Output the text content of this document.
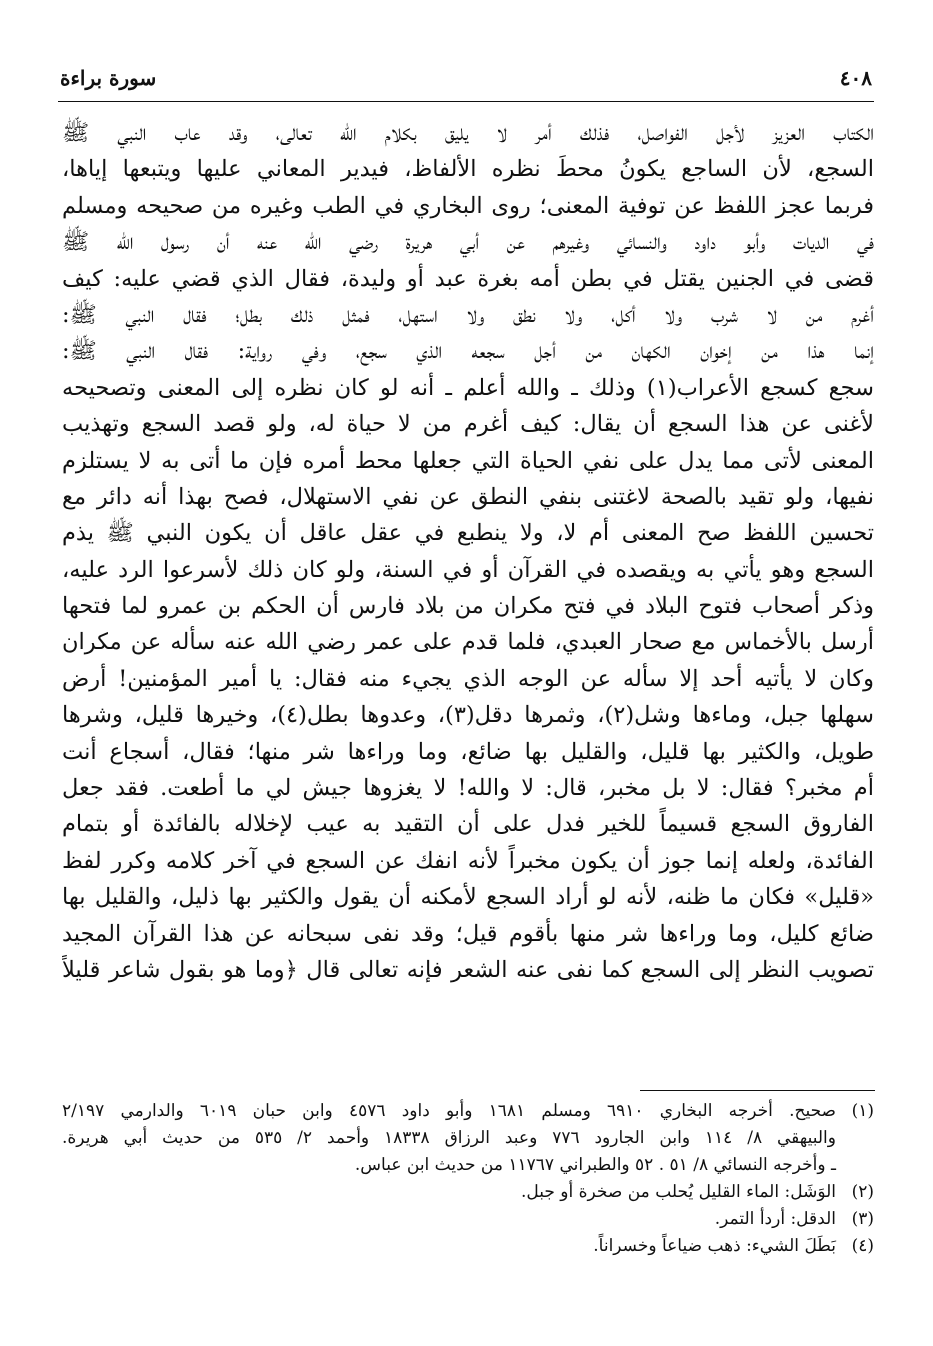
٤٠٨
سورة براءة
الكتاب العزيز لأجل الفواصل، فذلك أمر لا يليق بكلام الله تعالى، وقد عاب النبي ﷺ
السجع، لأن الساجع يكونُ محطَ نظره الألفاظ، فيدير المعاني عليها ويتبعها إياها،
فربما عجز اللفظ عن توفية المعنى؛ روى البخاري في الطب وغيره من صحيحه ومسلم
في الديات وأبو داود والنسائي وغيرهم عن أبي هريرة رضي الله عنه أن رسول الله ﷺ
قضى في الجنين يقتل في بطن أمه بغرة عبد أو وليدة، فقال الذي قضي عليه: كيف
أغرم من لا شرب ولا أكل، ولا نطق ولا استهل، فمثل ذلك بطل؛ فقال النبي ﷺ:
إنما هذا من إخوان الكهان من أجل سجعه الذي سجع، وفي رواية: فقال النبي ﷺ:
سجع كسجع الأعراب(١) وذلك ـ والله أعلم ـ أنه لو كان نظره إلى المعنى وتصحيحه
لأغنى عن هذا السجع أن يقال: كيف أغرم من لا حياة له، ولو قصد السجع وتهذيب
المعنى لأتى مما يدل على نفي الحياة التي جعلها محط أمره فإن ما أتى به لا يستلزم
نفيها، ولو تقيد بالصحة لاغتنى بنفي النطق عن نفي الاستهلال، فصح بهذا أنه دائر مع
تحسين اللفظ صح المعنى أم لا، ولا ينطبع في عقل عاقل أن يكون النبي ﷺ يذم
السجع وهو يأتي به ويقصده في القرآن أو في السنة، ولو كان ذلك لأسرعوا الرد عليه،
وذكر أصحاب فتوح البلاد في فتح مكران من بلاد فارس أن الحكم بن عمرو لما فتحها
أرسل بالأخماس مع صحار العبدي، فلما قدم على عمر رضي الله عنه سأله عن مكران
وكان لا يأتيه أحد إلا سأله عن الوجه الذي يجيء منه فقال: يا أمير المؤمنين! أرض
سهلها جبل، وماءها وشل(٢)، وثمرها دقل(٣)، وعدوها بطل(٤)، وخيرها قليل، وشرها
طويل، والكثير بها قليل، والقليل بها ضائع، وما وراءها شر منها؛ فقال، أسجاع أنت
أم مخبر؟ فقال: لا بل مخبر، قال: لا والله! لا يغزوها جيش لي ما أطعت. فقد جعل
الفاروق السجع قسيماً للخير فدل على أن التقيد به عيب لإخلاله بالفائدة أو بتمام
الفائدة، ولعله إنما جوز أن يكون مخبراً لأنه انفك عن السجع في آخر كلامه وكرر لفظ
«قليل» فكان ما ظنه، لأنه لو أراد السجع لأمكنه أن يقول والكثير بها ذليل، والقليل بها
ضائع كليل، وما وراءها شر منها بأقوم قيل؛ وقد نفى سبحانه عن هذا القرآن المجيد
تصويب النظر إلى السجع كما نفى عنه الشعر فإنه تعالى قال ﴿وما هو بقول شاعر قليلاً
(١)صحيح. أخرجه البخاري ٦٩١٠ ومسلم ١٦٨١ وأبو داود ٤٥٧٦ وابن حبان ٦٠١٩ والدارمي ٢/١٩٧
والبيهقي ٨/ ١١٤ وابن الجارود ٧٧٦ وعبد الرزاق ١٨٣٣٨ وأحمد ٢/ ٥٣٥ من حديث أبي هريرة.
ـ وأخرجه النسائي ٨/ ٥١ . ٥٢ والطبراني ١١٧٦٧ من حديث ابن عباس.
(٢)الوَشَل: الماء القليل يُحلب من صخرة أو جبل.
(٣)الدقل: أردأ التمر.
(٤)بَطَلَ الشيء: ذهب ضياعاً وخسراناً.
